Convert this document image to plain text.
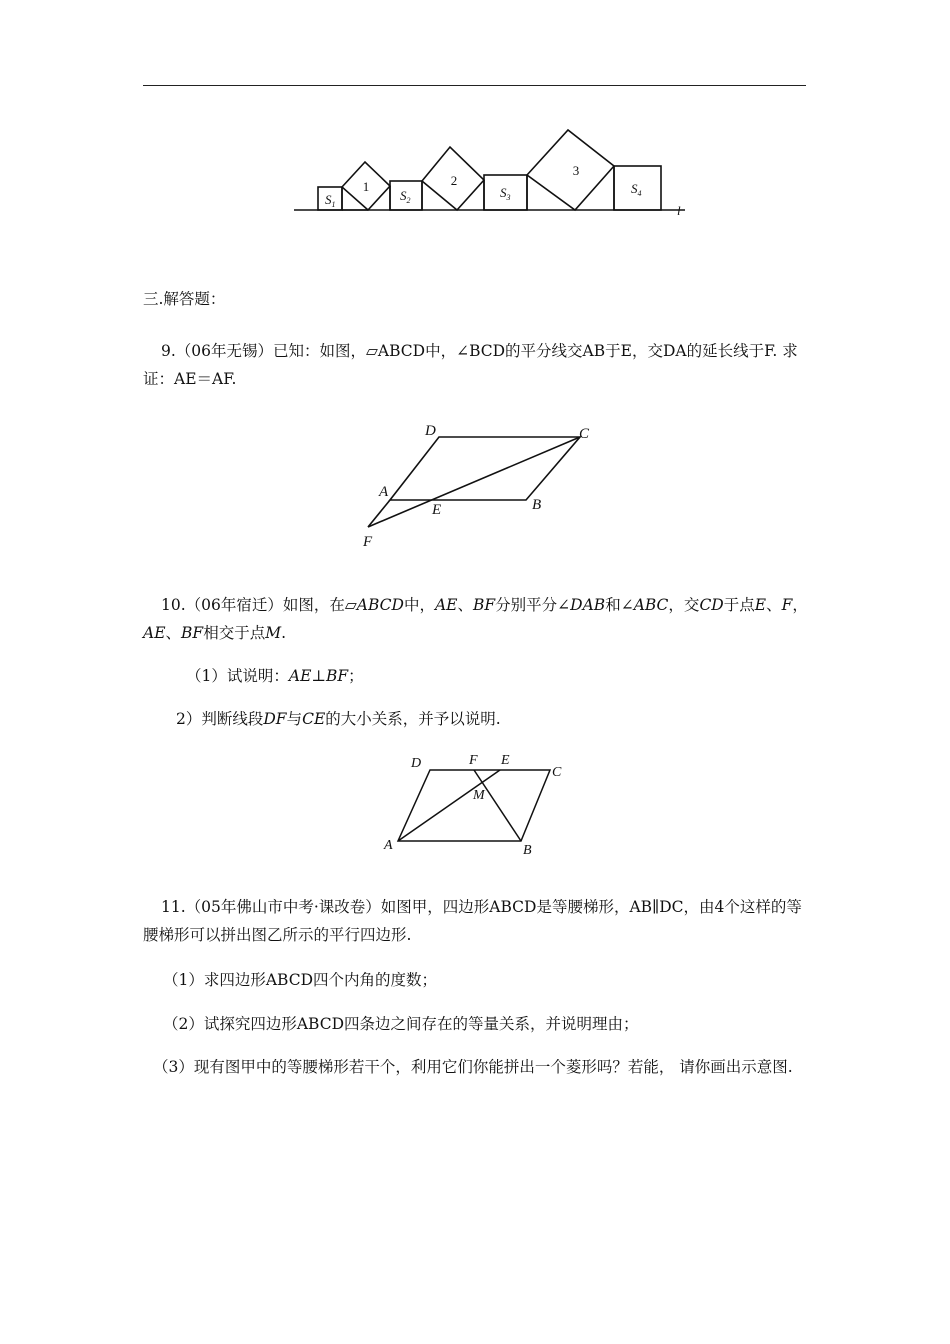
1	2
3
$S_1$
$S_2$
$S_3$
$S_4$
l

三.解答题：

9.（06年无锡）已知：如图，▱ABCD中，∠BCD的平分线交AB于E，交DA的延长线于F. 求证：AE＝AF.

D	C
A
E	B
F

10.（06年宿迁）如图，在▱ABCD中，AE、BF分别平分∠DAB和∠ABC，交CD于点E、F，AE、BF相交于点M.

（1）试说明：AE⊥BF；

2）判断线段DF与CE的大小关系，并予以说明.

D	F E
C
M
A	B

11.（05年佛山市中考·课改卷）如图甲，四边形ABCD是等腰梯形，AB∥DC，由4个这样的等腰梯形可以拼出图乙所示的平行四边形.

（1）求四边形ABCD四个内角的度数；

（2）试探究四边形ABCD四条边之间存在的等量关系，并说明理由；

（3）现有图甲中的等腰梯形若干个，利用它们你能拼出一个菱形吗？若能， 请你画出示意图.
